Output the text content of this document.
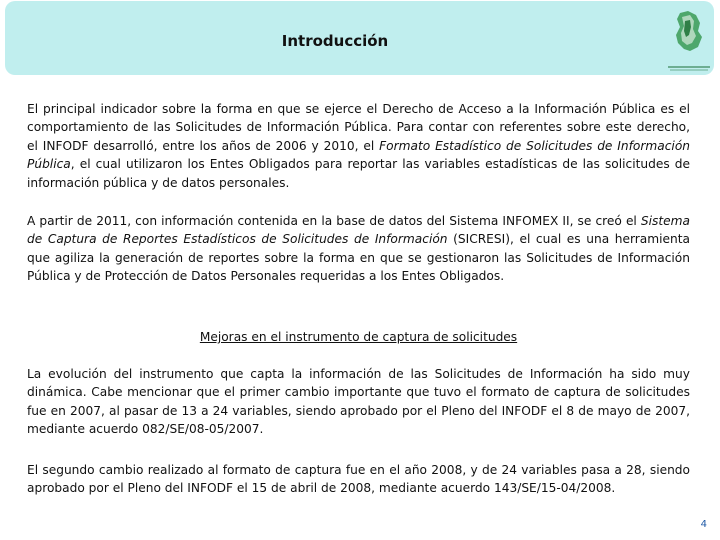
Introducción

El principal indicador sobre la forma en que se ejerce el Derecho de Acceso a la Información Pública es el comportamiento de las Solicitudes de Información Pública. Para contar con referentes sobre este derecho, el INFODF desarrolló, entre los años de 2006 y 2010, el Formato Estadístico de Solicitudes de Información Pública, el cual utilizaron los Entes Obligados para reportar las variables estadísticas de las solicitudes de información pública y de datos personales.

A partir de 2011, con información contenida en la base de datos del Sistema INFOMEX II, se creó el Sistema de Captura de Reportes Estadísticos de Solicitudes de Información (SICRESI), el cual es una herramienta que agiliza la generación de reportes sobre la forma en que se gestionaron las Solicitudes de Información Pública y de Protección de Datos Personales requeridas a los Entes Obligados.

Mejoras en el instrumento de captura de solicitudes

La evolución del instrumento que capta la información de las Solicitudes de Información ha sido muy dinámica. Cabe mencionar que el primer cambio importante que tuvo el formato de captura de solicitudes fue en 2007, al pasar de 13 a 24 variables, siendo aprobado por el Pleno del INFODF el 8 de mayo de 2007, mediante acuerdo 082/SE/08-05/2007.

El segundo cambio realizado al formato de captura fue en el año 2008, y de 24 variables pasa a 28, siendo aprobado por el Pleno del INFODF el 15 de abril de 2008, mediante acuerdo 143/SE/15-04/2008.

4
